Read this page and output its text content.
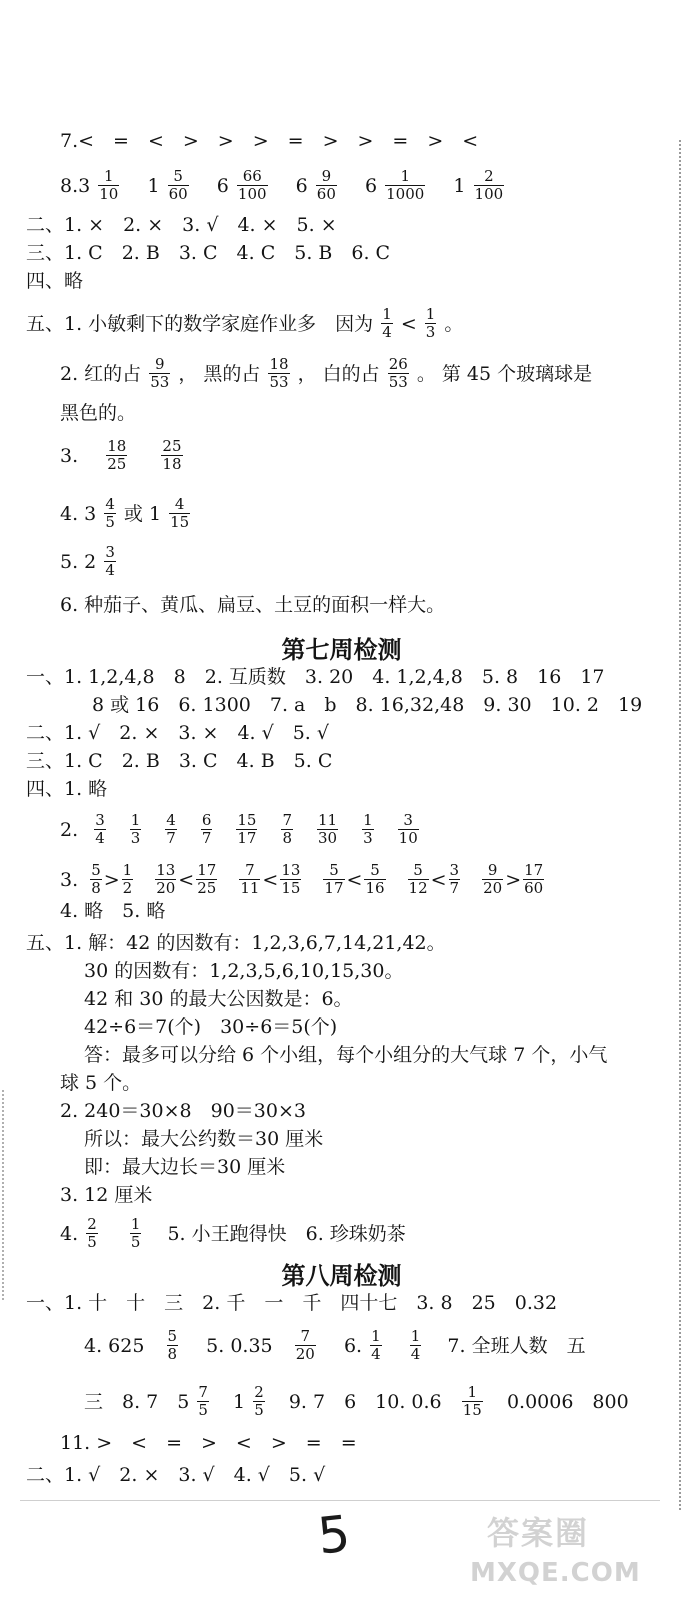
7.<　=　<　>　>　>　=　>　>　=　>　<
$8.3 \frac{1}{10} 1 \frac{5}{60} 6 \frac{66}{100} 6 \frac{9}{60} 6 \frac{1}{1000} 1 \frac{2}{100}$
二、1. ×　2. ×　3. √　4. ×　5. ×
三、1. C　2. B　3. C　4. C　5. B　6. C
四、略
五、1. 小敏剩下的数学家庭作业多　因为 $\frac{1}{4} < \frac{1}{3}$ 。
2. 红的占 $\frac{9}{53}$ ， 黑的占 $\frac{18}{53}$ ， 白的占 $\frac{26}{53}$ 。 第 45 个玻璃球是
黑色的。
3. $\frac{18}{25}$
$\frac{25}{18}$
4. $3 \frac{4}{5}$ 或 $1 \frac{4}{15}$
5. $2 \frac{3}{4}$
6. 种茄子、黄瓜、扁豆、土豆的面积一样大。
第七周检测
一、1. 1,2,4,8　8　2. 互质数　3. 20　4. 1,2,4,8　5. 8　16　17
8 或 16　6. 1300　7. a　b　8. 16,32,48　9. 30　10. 2　19
二、1. √　2. ×　3. ×　4. √　5. √
三、1. C　2. B　3. C　4. B　5. C
四、1. 略
2. $\frac{3}{4} \frac{1}{3} \frac{4}{7} \frac{6}{7} \frac{15}{17} \frac{7}{8} \frac{11}{30} \frac{1}{3} \frac{3}{10}$
3. $\frac{5}{8} > \frac{1}{2} \frac{13}{20} < \frac{17}{25} \frac{7}{11} < \frac{13}{15} \frac{5}{17} < \frac{5}{16} \frac{5}{12} < \frac{3}{7} \frac{9}{20} > \frac{17}{60}$
4. 略　5. 略
五、1. 解：42 的因数有：1,2,3,6,7,14,21,42。
30 的因数有：1,2,3,5,6,10,15,30。
42 和 30 的最大公因数是：6。
42÷6＝7(个)　30÷6＝5(个)
答：最多可以分给 6 个小组，每个小组分的大气球 7 个，小气
球 5 个。
2. 240＝30×8　90＝30×3
所以：最大公约数＝30 厘米
即：最大边长＝30 厘米
3. 12 厘米
4. $\frac{2}{5}$
$\frac{1}{5} 5$. 小王跑得快　6. 珍珠奶茶
第八周检测
一、1. 十　十　三　2. 千　一　千　四十七　3. 8　25　0.32
4. $625 \frac{5}{8} 5$. $0.35 \frac{7}{20} 6$. $\frac{1}{4}$
$\frac{1}{4} 7$. 全班人数　五
三　8. 7　$5 \frac{7}{5} 1 \frac{2}{5} 9$. 7　6　10. $0.6 \frac{1}{15} 0.0006$　800
11. >　<　=　>　<　>　=　=
二、1. √　2. ×　3. √　4. √　5. √
5	答案圈
MXQE.COM
